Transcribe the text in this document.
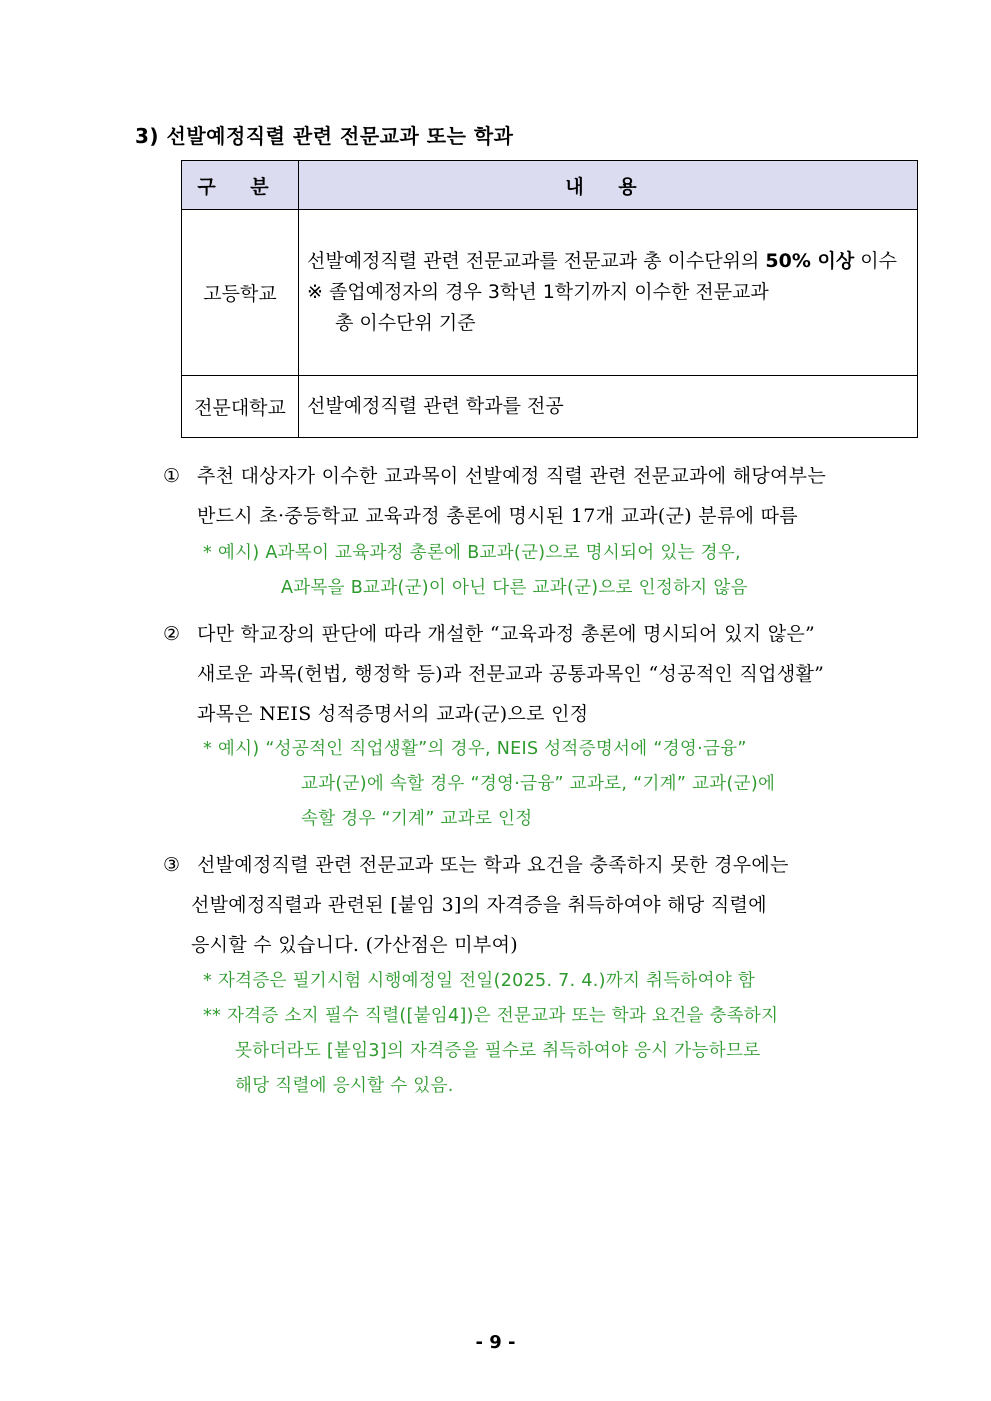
3) 선발예정직렬 관련 전문교과 또는 학과
구 분	내 용
고등학교	선발예정직렬 관련 전문교과를 전문교과 총 이수단위의 50% 이상 이수
※ 졸업예정자의 경우 3학년 1학기까지 이수한 전문교과
총 이수단위 기준

전문대학교	선발예정직렬 관련 학과를 전공
① 추천 대상자가 이수한 교과목이 선발예정 직렬 관련 전문교과에 해당여부는
반드시 초·중등학교 교육과정 총론에 명시된 17개 교과(군) 분류에 따름
* 예시) A과목이 교육과정 총론에 B교과(군)으로 명시되어 있는 경우,
A과목을 B교과(군)이 아닌 다른 교과(군)으로 인정하지 않음
② 다만 학교장의 판단에 따라 개설한 “교육과정 총론에 명시되어 있지 않은”
새로운 과목(헌법, 행정학 등)과 전문교과 공통과목인 “성공적인 직업생활”
과목은 NEIS 성적증명서의 교과(군)으로 인정
* 예시) “성공적인 직업생활”의 경우, NEIS 성적증명서에 “경영·금융”
교과(군)에 속할 경우 “경영·금융” 교과로, “기계” 교과(군)에
속할 경우 “기계” 교과로 인정
③ 선발예정직렬 관련 전문교과 또는 학과 요건을 충족하지 못한 경우에는
선발예정직렬과 관련된 [붙임 3]의 자격증을 취득하여야 해당 직렬에
응시할 수 있습니다. (가산점은 미부여)
* 자격증은 필기시험 시행예정일 전일(2025. 7. 4.)까지 취득하여야 함
** 자격증 소지 필수 직렬([붙임4])은 전문교과 또는 학과 요건을 충족하지
못하더라도 [붙임3]의 자격증을 필수로 취득하여야 응시 가능하므로
해당 직렬에 응시할 수 있음.
- 9 -
